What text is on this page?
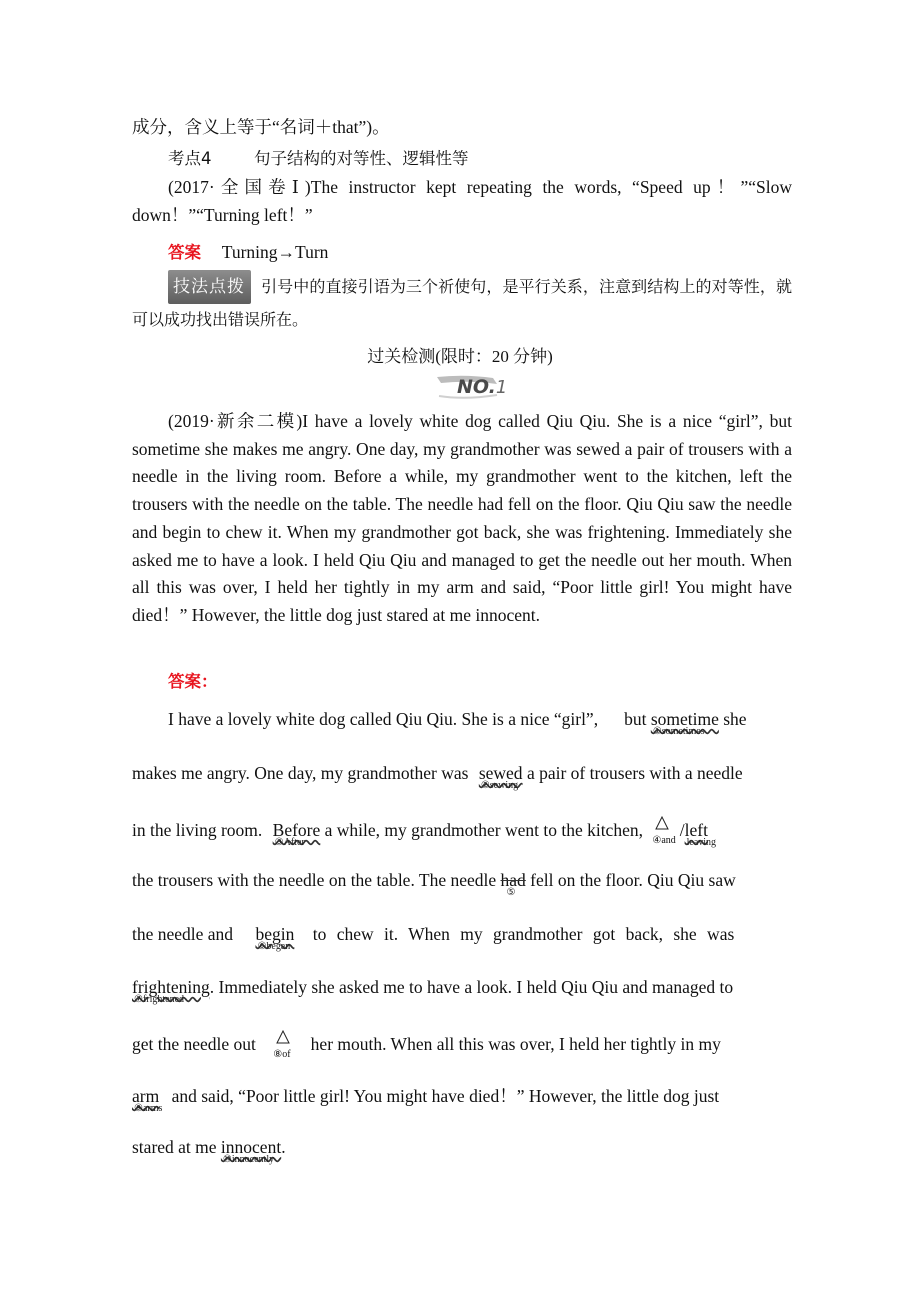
成分，含义上等于“名词＋that”)。
考点4	句子结构的对等性、逻辑性等
(2017·全国卷Ⅰ)The instructor kept repeating the words, “Speed up！”“Slow down！”“Turning left！”
答案 Turning→Turn
技法点拨 引号中的直接引语为三个祈使句，是平行关系，注意到结构上的对等性，就可以成功找出错误所在。
过关检测(限时：20 分钟)
NO.1
(2019·新余二模)I have a lovely white dog called Qiu Qiu. She is a nice “girl”, but sometime she makes me angry. One day, my grandmother was sewed a pair of trousers with a needle in the living room. Before a while, my grandmother went to the kitchen, left the trousers with the needle on the table. The needle had fell on the floor. Qiu Qiu saw the needle and begin to chew it. When my grandmother got back, she was frightening. Immediately she asked me to have a look. I held Qiu Qiu and managed to get the needle out her mouth. When all this was over, I held her tightly in my arm and said, “Poor little girl! You might have died！” However, the little dog just stared at me innocent.
答案：
I have a lovely white dog called Qiu Qiu. She is a nice “girl”, but sometime
①sometimes
she
makes me angry. One day, my grandmother was sewed
②sewing
a pair of trousers with a needle
in the living room. Before
③After
a while, my grandmother went to the kitchen,
④and
/left
leaving
the trousers with the needle on the table. The needle had
⑤
fell on the floor. Qiu Qiu saw
the needle and begin
⑥began
to chew it. When my grandmother got back, she was
frightening
⑦frightened
. Immediately she asked me to have a look. I held Qiu Qiu and managed to
get the needle out
⑧of
her mouth. When all this was over, I held her tightly in my
arm
⑨arms
and said, “Poor little girl! You might have died！” However, the little dog just
stared at me innocent
⑩innocently
.
